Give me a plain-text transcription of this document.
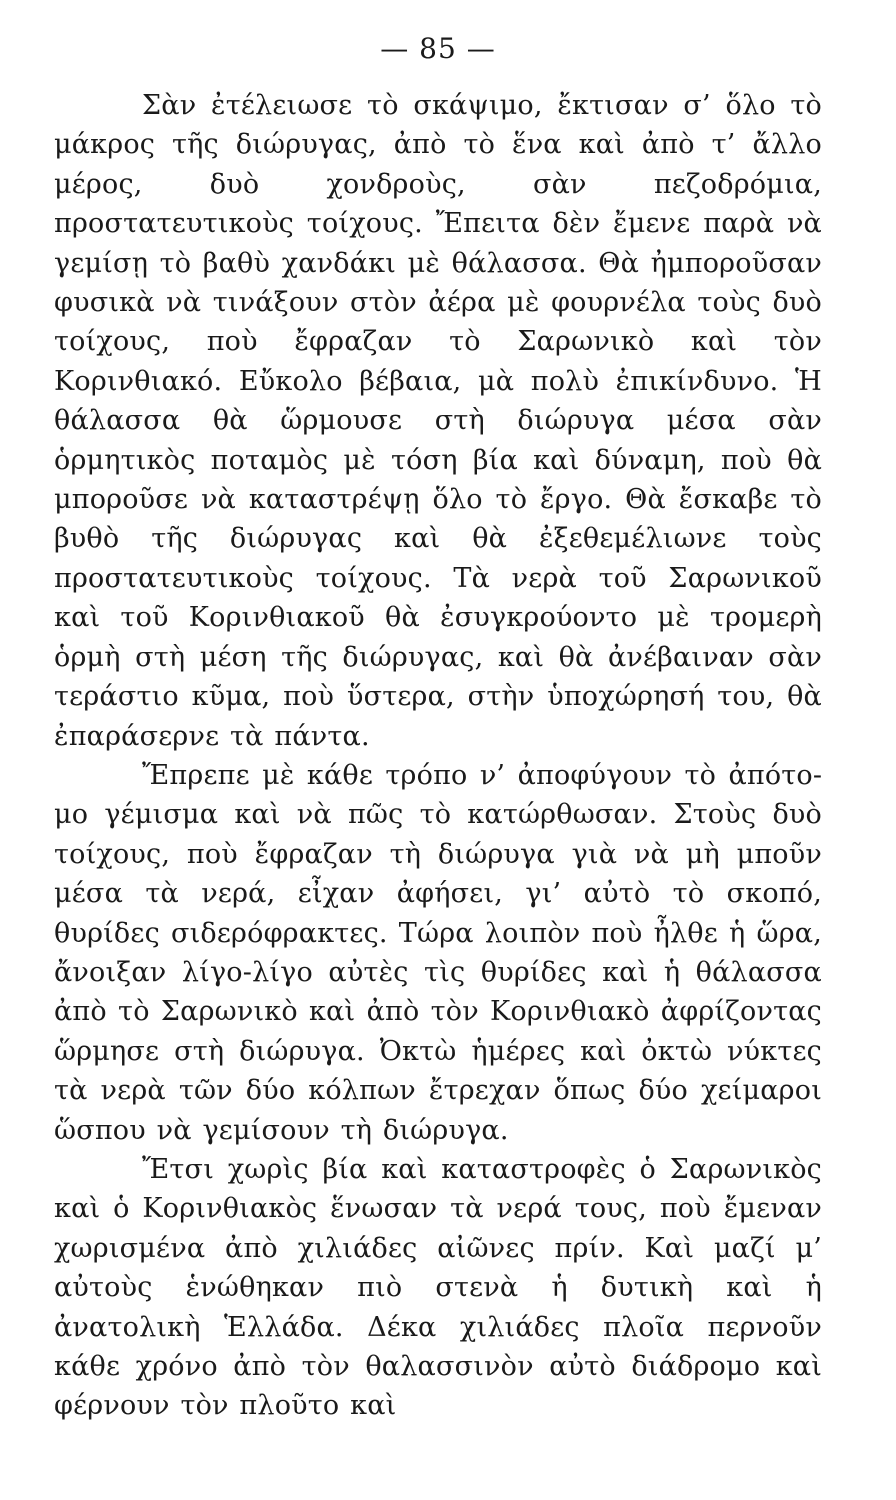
— 85 —

Σὰν ἐτέλειωσε τὸ σκάψιμο, ἔκτισαν σ’ ὅλο τὸ μάκρος τῆς διώρυγας, ἀπὸ τὸ ἕνα καὶ ἀπὸ τ’ ἄλλο μέρος, δυὸ χονδροὺς, σὰν πεζοδρόμια, προστατευτικοὺς τοίχους. Ἔπειτα δὲν ἔμενε παρὰ νὰ γεμίσῃ τὸ βαθὺ χανδάκι μὲ θάλασσα. Θὰ ἠμποροῦσαν φυσικὰ νὰ τινάξουν στὸν ἀέρα μὲ φουρνέλα τοὺς δυὸ τοίχους, ποὺ ἔφραζαν τὸ Σαρωνικὸ καὶ τὸν Κορινθιακό. Εὔκολο βέβαια, μὰ πολὺ ἐπικίνδυνο. Ἡ θάλασσα θὰ ὥρμουσε στὴ διώρυγα μέσα σὰν ὁρμητικὸς ποταμὸς μὲ τόση βία καὶ δύναμη, ποὺ θὰ μποροῦσε νὰ καταστρέψῃ ὅλο τὸ ἔργο. Θὰ ἔσκαβε τὸ βυθὸ τῆς διώρυγας καὶ θὰ ἐξεθεμέλιωνε τοὺς προστατευτικοὺς τοίχους. Τὰ νερὰ τοῦ Σαρωνικοῦ καὶ τοῦ Κορινθιακοῦ θὰ ἐσυγκρούοντο μὲ τρομερὴ ὁρμὴ στὴ μέση τῆς διώρυγας, καὶ θὰ ἀνέβαιναν σὰν τεράστιο κῦμα, ποὺ ὕστερα, στὴν ὑποχώρησή του, θὰ ἐπαράσερνε τὰ πάντα.

Ἔπρεπε μὲ κάθε τρόπο ν’ ἀποφύγουν τὸ ἀπότομο γέμισμα καὶ νὰ πῶς τὸ κατώρθωσαν. Στοὺς δυὸ τοίχους, ποὺ ἔφραζαν τὴ διώρυγα γιὰ νὰ μὴ μποῦν μέσα τὰ νερά, εἶχαν ἀφήσει, γι’ αὐτὸ τὸ σκοπό, θυρίδες σιδερόφρακτες. Τώρα λοιπὸν ποὺ ἦλθε ἡ ὥρα, ἄνοιξαν λίγο-λίγο αὐτὲς τὶς θυρίδες καὶ ἡ θάλασσα ἀπὸ τὸ Σαρωνικὸ καὶ ἀπὸ τὸν Κορινθιακὸ ἀφρίζοντας ὥρμησε στὴ διώρυγα. Ὀκτὼ ἡμέρες καὶ ὀκτὼ νύκτες τὰ νερὰ τῶν δύο κόλπων ἔτρεχαν ὅπως δύο χείμαροι ὥσπου νὰ γεμίσουν τὴ διώρυγα.

Ἔτσι χωρὶς βία καὶ καταστροφὲς ὁ Σαρωνικὸς καὶ ὁ Κορινθιακὸς ἕνωσαν τὰ νερά τους, ποὺ ἔμεναν χωρισμένα ἀπὸ χιλιάδες αἰῶνες πρίν. Καὶ μαζί μ’ αὐτοὺς ἑνώθηκαν πιὸ στενὰ ἡ δυτικὴ καὶ ἡ ἀνατολικὴ Ἑλλάδα. Δέκα χιλιάδες πλοῖα περνοῦν κάθε χρόνο ἀπὸ τὸν θαλασσινὸν αὐτὸ διάδρομο καὶ φέρνουν τὸν πλοῦτο καὶ
